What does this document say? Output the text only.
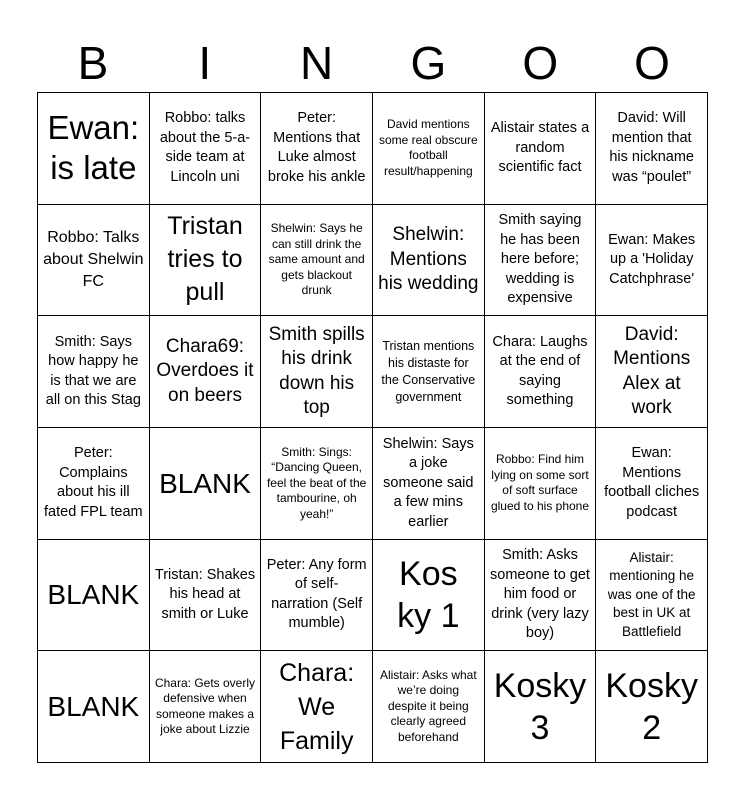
B	I	N	G	O	O
Ewan: is late
Robbo: talks about the 5-a-side team at Lincoln uni
Peter: Mentions that Luke almost broke his ankle
David mentions some real obscure football result/happening
Alistair states a random scientific fact
David: Will mention that his nickname was “poulet”
Robbo: Talks about Shelwin FC
Tristan tries to pull
Shelwin: Says he can still drink the same amount and gets blackout drunk
Shelwin: Mentions his wedding
Smith saying he has been here before; wedding is expensive
Ewan: Makes up a 'Holiday Catchphrase'
Smith: Says how happy he is that we are all on this Stag
Chara69: Overdoes it on beers
Smith spills his drink down his top
Tristan mentions his distaste for the Conservative government
Chara: Laughs at the end of saying something
David: Mentions Alex at work
Peter: Complains about his ill fated FPL team
BLANK
Smith: Sings: “Dancing Queen, feel the beat of the tambourine, oh yeah!”
Shelwin: Says a joke someone said a few mins earlier
Robbo: Find him lying on some sort of soft surface glued to his phone
Ewan: Mentions football cliches podcast
BLANK
Tristan: Shakes his head at smith or Luke
Peter: Any form of self-narration (Self mumble)
Kosky 1
Smith: Asks someone to get him food or drink (very lazy boy)
Alistair: mentioning he was one of the best in UK at Battlefield
BLANK
Chara: Gets overly defensive when someone makes a joke about Lizzie
Chara: We Family
Alistair: Asks what we’re doing despite it being clearly agreed beforehand
Kosky 3
Kosky 2
